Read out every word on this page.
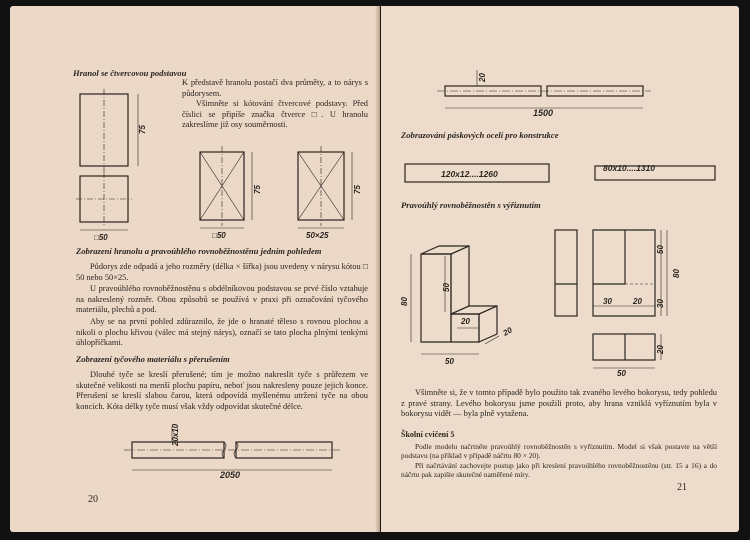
Hranol se čtvercovou podstavou

K představě hranolu postačí dva průměty, a to nárys s půdorysem.

Všimněte si kótování čtvercové podstavy. Před číslici se připíše značka čtverce □. U hranolu zakreslíme již osy souměrnosti.

75
□50	□50
75	75
50×25
20x10
2050

Zobrazení hranolu a pravoúhlého rovnoběžnostěnu jedním pohledem

Půdorys zde odpadá a jeho rozměry (délka × šířka) jsou uvedeny v nárysu kótou □ 50 nebo 50×25.

U pravoúhlého rovnoběžnostěnu s obdélníkovou podstavou se prvé číslo vztahuje na nakreslený rozměr. Obou způsobů se používá v praxi při označování tyčového materiálu, plechů a pod.

Aby se na první pohled zdůraznilo, že jde o hranaté těleso s rovnou plochou a nikoli o plochu křivou (válec má stejný nárys), označí se tato plocha plnými tenkými úhlopříčkami.

Zobrazení tyčového materiálu s přerušením

Dlouhé tyče se kreslí přerušené; tím je možno nakreslit tyče s průřezem ve skutečné velikosti na menší plochu papíru, neboť jsou nakresleny pouze jejich konce. Přerušení se kreslí slabou čarou, která odpovídá myšlenému utržení tyče na obou koncích. Kóta délky tyče musí však vždy odpovídat skutečné délce.

20
20
1500
120x12....1260
80x10....1310
80
50
20
20
50
50
80
30	20 30
20
50

Zobrazování páskových ocelí pro konstrukce

Pravoúhlý rovnoběžnostěn s výřiznutím

Všimněte si, že v tomto případě bylo použito tak zvaného levého bokorysu, tedy pohledu z pravé strany. Levého bokorysu jsme použili proto, aby hrana vzniklá vyříznutím byla v bokorysu vidět — byla plně vytažena.

Školní cvičení 5

Podle modelu načrtněte pravoúhlý rovnoběžnostěn s vyříznutím. Model si však postavte na větší podstavu (na příklad v případě náčrtu 80 × 20).

Při načrtávání zachovejte postup jako při kreslení pravoúhlého rovnoběžnostěnu (str. 15 a 16) a do náčrtu pak zapište skutečné naměřené míry.

21
